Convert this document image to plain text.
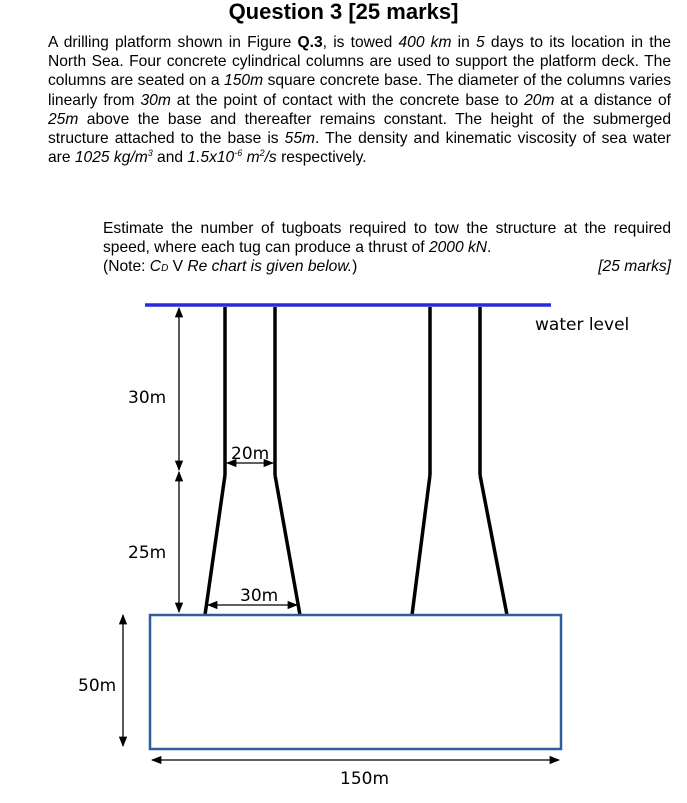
Question 3 [25 marks]
A drilling platform shown in Figure Q.3, is towed 400 km in 5 days to its location in the North Sea. Four concrete cylindrical columns are used to support the platform deck. The columns are seated on a 150m square concrete base. The diameter of the columns varies linearly from 30m at the point of contact with the concrete base to 20m at a distance of 25m above the base and thereafter remains constant. The height of the submerged structure attached to the base is 55m. The density and kinematic viscosity of sea water are 1025 $kg/m^3$ and $1.5x10^{-6}$ $m^2/s$ respectively.
Estimate the number of tugboats required to tow the structure at the required speed, where each tug can produce a thrust of 2000 kN.
(Note: CD V Re chart is given below.)	[25 marks]
water level
30m
20m
25m
30m
50m
150m
